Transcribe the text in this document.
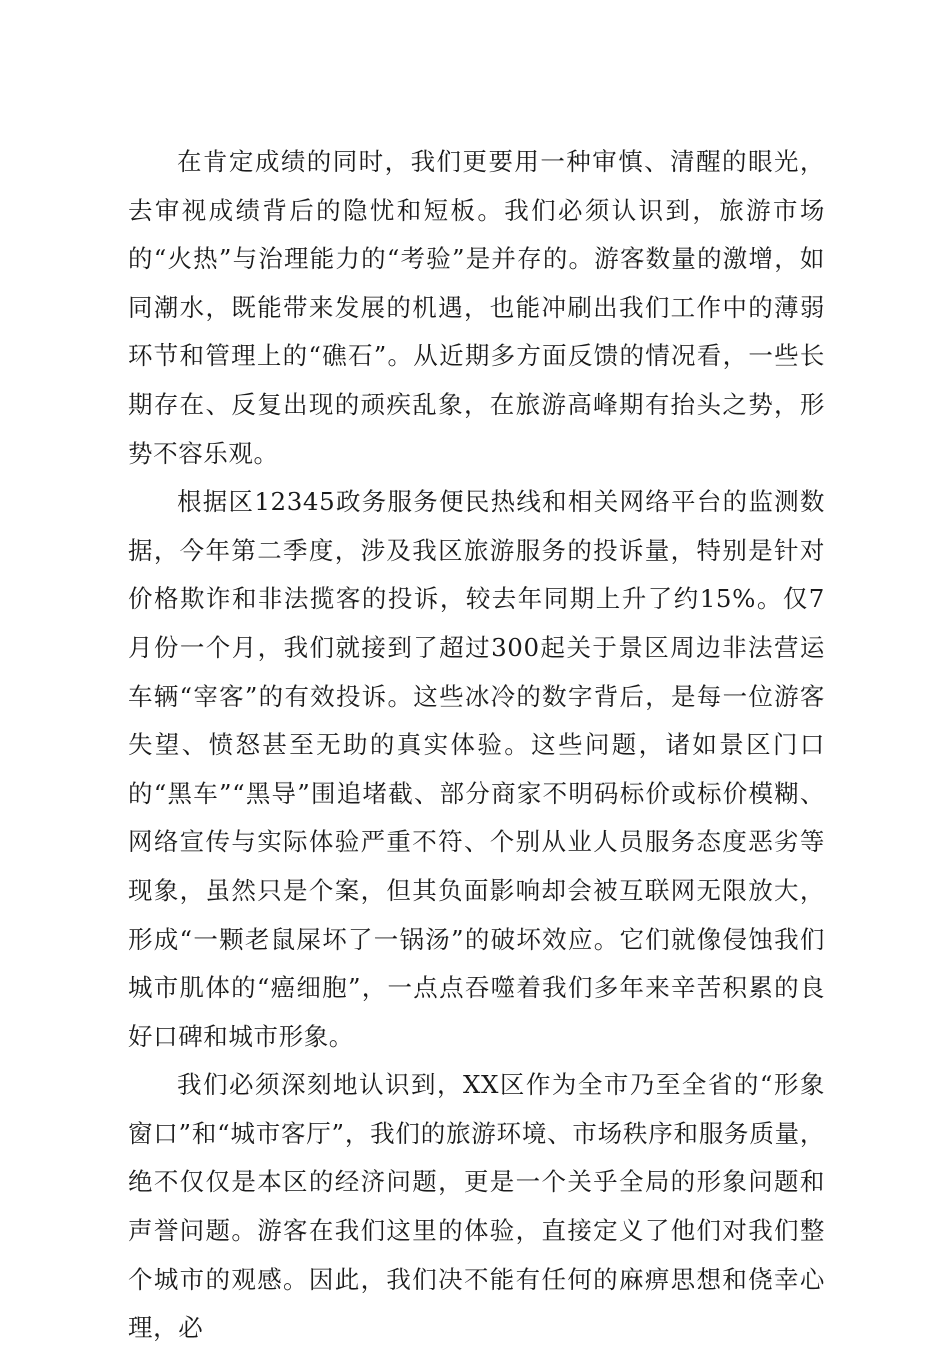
在肯定成绩的同时，我们更要用一种审慎、清醒的眼光，去审视成绩背后的隐忧和短板。我们必须认识到，旅游市场的“火热”与治理能力的“考验”是并存的。游客数量的激增，如同潮水，既能带来发展的机遇，也能冲刷出我们工作中的薄弱环节和管理上的“礁石”。从近期多方面反馈的情况看，一些长期存在、反复出现的顽疾乱象，在旅游高峰期有抬头之势，形势不容乐观。

根据区12345政务服务便民热线和相关网络平台的监测数据，今年第二季度，涉及我区旅游服务的投诉量，特别是针对价格欺诈和非法揽客的投诉，较去年同期上升了约15%。仅7月份一个月，我们就接到了超过300起关于景区周边非法营运车辆“宰客”的有效投诉。这些冰冷的数字背后，是每一位游客失望、愤怒甚至无助的真实体验。这些问题，诸如景区门口的“黑车”“黑导”围追堵截、部分商家不明码标价或标价模糊、网络宣传与实际体验严重不符、个别从业人员服务态度恶劣等现象，虽然只是个案，但其负面影响却会被互联网无限放大，形成“一颗老鼠屎坏了一锅汤”的破坏效应。它们就像侵蚀我们城市肌体的“癌细胞”，一点点吞噬着我们多年来辛苦积累的良好口碑和城市形象。

我们必须深刻地认识到，XX区作为全市乃至全省的“形象窗口”和“城市客厅”，我们的旅游环境、市场秩序和服务质量，绝不仅仅是本区的经济问题，更是一个关乎全局的形象问题和声誉问题。游客在我们这里的体验，直接定义了他们对我们整个城市的观感。因此，我们决不能有任何的麻痹思想和侥幸心理，必
